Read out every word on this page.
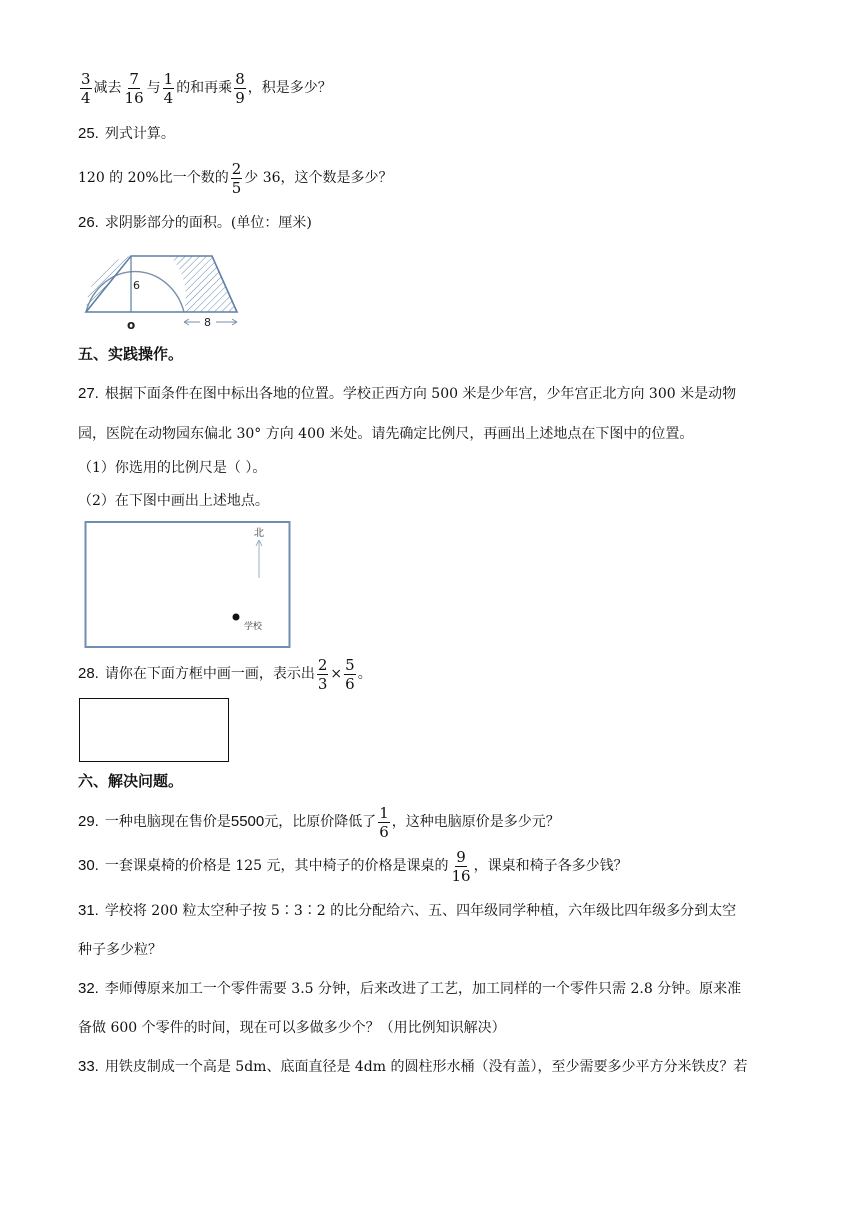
$\frac{3}{4}$ 减去 $\frac{7}{16}$ 与 $\frac{1}{4}$ 的和再乘 $\frac{8}{9}$ ，积是多少？
25. 列式计算。
120 的 20%比一个数的 $\frac{2}{5}$ 少 36，这个数是多少？
26. 求阴影部分的面积。(单位：厘米)
6
o	8
五、实践操作。
27. 根据下面条件在图中标出各地的位置。学校正西方向 500 米是少年宫，少年宫正北方向 300 米是动物
园，医院在动物园东偏北 30° 方向 400 米处。请先确定比例尺，再画出上述地点在下图中的位置。
（1）你选用的比例尺是（ ）。
（2）在下图中画出上述地点。
北
学校
28. 请你在下面方框中画一画，表示出 $\frac{2}{3} \times \frac{5}{6}$ 。
六、解决问题。
29. 一种电脑现在售价是 5500 元，比原价降低了 $\frac{1}{6}$ ，这种电脑原价是多少元？
30. 一套课桌椅的价格是 125 元，其中椅子的价格是课桌的 $\frac{9}{16}$ ，课桌和椅子各多少钱？
31. 学校将 200 粒太空种子按 5∶3∶2 的比分配给六、五、四年级同学种植，六年级比四年级多分到太空
种子多少粒？
32. 李师傅原来加工一个零件需要 3.5 分钟，后来改进了工艺，加工同样的一个零件只需 2.8 分钟。原来准
备做 600 个零件的时间，现在可以多做多少个？（用比例知识解决）
33. 用铁皮制成一个高是 5dm、底面直径是 4dm 的圆柱形水桶（没有盖），至少需要多少平方分米铁皮？若
